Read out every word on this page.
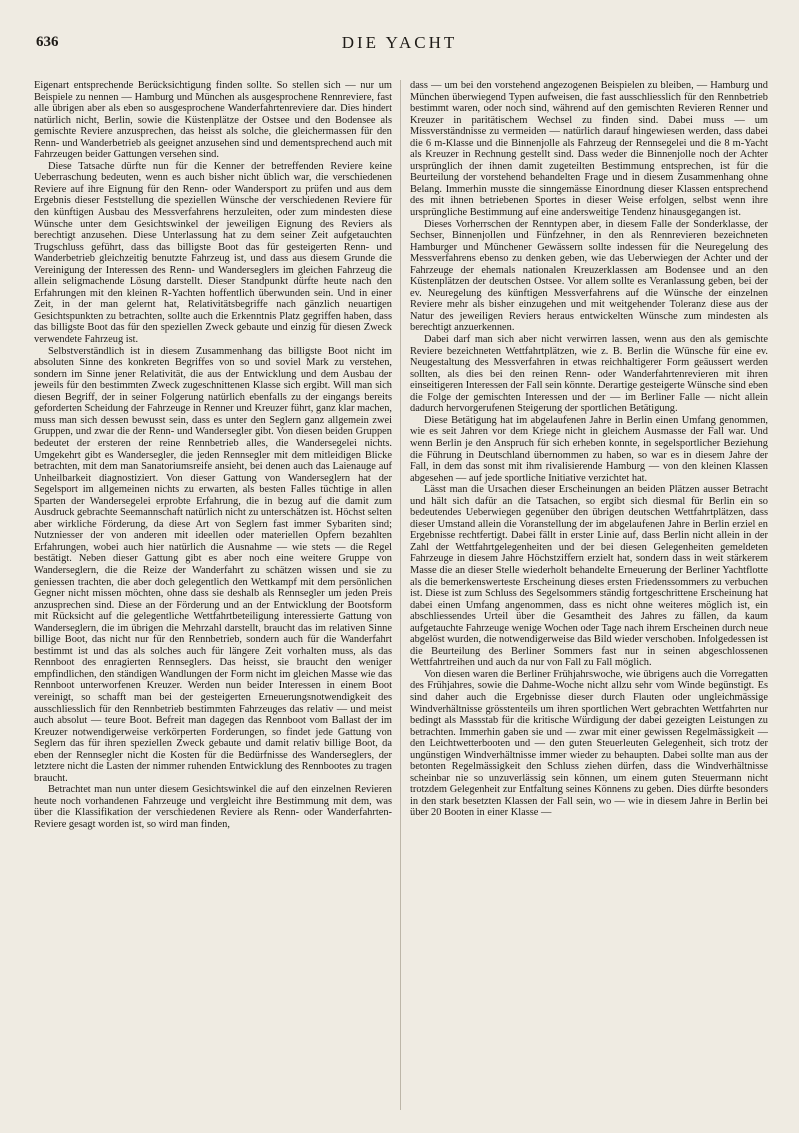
636	DIE YACHT

Eigenart entsprechende Berücksichtigung finden sollte. So stellen sich — nur um Beispiele zu nennen — Hamburg und München als ausgesprochene Rennreviere, fast alle übrigen aber als eben so ausgesprochene Wanderfahrtenreviere dar. Dies hindert natürlich nicht, Berlin, sowie die Küstenplätze der Ostsee und den Bodensee als gemischte Reviere anzusprechen, das heisst als solche, die gleichermassen für den Renn- und Wanderbetrieb als geeignet anzusehen sind und dementsprechend auch mit Fahrzeugen beider Gattungen versehen sind.

Diese Tatsache dürfte nun für die Kenner der betreffenden Reviere keine Ueberraschung bedeuten, wenn es auch bisher nicht üblich war, die verschiedenen Reviere auf ihre Eignung für den Renn- oder Wandersport zu prüfen und aus dem Ergebnis dieser Feststellung die speziellen Wünsche der verschiedenen Reviere für den künftigen Ausbau des Messverfahrens herzuleiten, oder zum mindesten diese Wünsche unter dem Gesichtswinkel der jeweiligen Eignung des Reviers als berechtigt anzusehen. Diese Unterlassung hat zu dem seiner Zeit aufgetauchten Trugschluss geführt, dass das billigste Boot das für gesteigerten Renn- und Wanderbetrieb gleichzeitig benutzte Fahrzeug ist, und dass aus diesem Grunde die Vereinigung der Interessen des Renn- und Wanderseglers im gleichen Fahrzeug die allein seligmachende Lösung darstellt. Dieser Standpunkt dürfte heute nach den Erfahrungen mit den kleinen R-Yachten hoffentlich überwunden sein. Und in einer Zeit, in der man gelernt hat, Relativitätsbegriffe nach gänzlich neuartigen Gesichtspunkten zu betrachten, sollte auch die Erkenntnis Platz gegriffen haben, dass das billigste Boot das für den speziellen Zweck gebaute und einzig für diesen Zweck verwendete Fahrzeug ist.

Selbstverständlich ist in diesem Zusammenhang das billigste Boot nicht im absoluten Sinne des konkreten Begriffes von so und soviel Mark zu verstehen, sondern im Sinne jener Relativität, die aus der Entwicklung und dem Ausbau der jeweils für den bestimmten Zweck zugeschnittenen Klasse sich ergibt. Will man sich diesen Begriff, der in seiner Folgerung natürlich ebenfalls zu der eingangs bereits geforderten Scheidung der Fahrzeuge in Renner und Kreuzer führt, ganz klar machen, muss man sich dessen bewusst sein, dass es unter den Seglern ganz allgemein zwei Gruppen, und zwar die der Renn- und Wandersegler gibt. Von diesen beiden Gruppen bedeutet der ersteren der reine Rennbetrieb alles, die Wandersegelei nichts. Umgekehrt gibt es Wandersegler, die jeden Rennsegler mit dem mitleidigen Blicke betrachten, mit dem man Sanatoriumsreife ansieht, bei denen auch das Laienauge auf Unheilbarkeit diagnostiziert. Von dieser Gattung von Wanderseglern hat der Segelsport im allgemeinen nichts zu erwarten, als besten Falles tüchtige in allen Sparten der Wandersegelei erprobte Erfahrung, die in bezug auf die damit zum Ausdruck gebrachte Seemannschaft natürlich nicht zu unterschätzen ist. Höchst selten aber wirkliche Förderung, da diese Art von Seglern fast immer Sybariten sind; Nutzniesser der von anderen mit ideellen oder materiellen Opfern bezahlten Erfahrungen, wobei auch hier natürlich die Ausnahme — wie stets — die Regel bestätigt. Neben dieser Gattung gibt es aber noch eine weitere Gruppe von Wanderseglern, die die Reize der Wanderfahrt zu schätzen wissen und sie zu geniessen trachten, die aber doch gelegentlich den Wettkampf mit dem persönlichen Gegner nicht missen möchten, ohne dass sie deshalb als Rennsegler um jeden Preis anzusprechen sind. Diese an der Förderung und an der Entwicklung der Bootsform mit Rücksicht auf die gelegentliche Wettfahrtbeteiligung interessierte Gattung von Wanderseglern, die im übrigen die Mehrzahl darstellt, braucht das im relativen Sinne billige Boot, das nicht nur für den Rennbetrieb, sondern auch für die Wanderfahrt bestimmt ist und das als solches auch für längere Zeit vorhalten muss, als das Rennboot des enragierten Rennseglers. Das heisst, sie braucht den weniger empfindlichen, den ständigen Wandlungen der Form nicht im gleichen Masse wie das Rennboot unterworfenen Kreuzer. Werden nun beider Interessen in einem Boot vereinigt, so schafft man bei der gesteigerten Erneuerungsnotwendigkeit des ausschliesslich für den Rennbetrieb bestimmten Fahrzeuges das relativ — und meist auch absolut — teure Boot. Befreit man dagegen das Rennboot vom Ballast der im Kreuzer notwendigerweise verkörperten Forderungen, so findet jede Gattung von Seglern das für ihren speziellen Zweck gebaute und damit relativ billige Boot, da eben der Rennsegler nicht die Kosten für die Bedürfnisse des Wanderseglers, der letztere nicht die Lasten der nimmer ruhenden Entwicklung des Rennbootes zu tragen braucht.

Betrachtet man nun unter diesem Gesichtswinkel die auf den einzelnen Revieren heute noch vorhandenen Fahrzeuge und vergleicht ihre Bestimmung mit dem, was über die Klassifikation der verschiedenen Reviere als Renn- oder Wanderfahrten-Reviere gesagt worden ist, so wird man finden,

dass — um bei den vorstehend angezogenen Beispielen zu bleiben, — Hamburg und München überwiegend Typen aufweisen, die fast ausschliesslich für den Rennbetrieb bestimmt waren, oder noch sind, während auf den gemischten Revieren Renner und Kreuzer in paritätischem Wechsel zu finden sind. Dabei muss — um Missverständnisse zu vermeiden — natürlich darauf hingewiesen werden, dass dabei die 6 m-Klasse und die Binnenjolle als Fahrzeug der Rennsegelei und die 8 m-Yacht als Kreuzer in Rechnung gestellt sind. Dass weder die Binnenjolle noch der Achter ursprünglich der ihnen damit zugeteilten Bestimmung entsprechen, ist für die Beurteilung der vorstehend behandelten Frage und in diesem Zusammenhang ohne Belang. Immerhin musste die sinngemässe Einordnung dieser Klassen entsprechend des mit ihnen betriebenen Sportes in dieser Weise erfolgen, selbst wenn ihre ursprüngliche Bestimmung auf eine andersweitige Tendenz hinausgegangen ist.

Dieses Vorherrschen der Renntypen aber, in diesem Falle der Sonderklasse, der Sechser, Binnenjollen und Fünfzehner, in den als Rennrevieren bezeichneten Hamburger und Münchener Gewässern sollte indessen für die Neuregelung des Messverfahrens ebenso zu denken geben, wie das Ueberwiegen der Achter und der Fahrzeuge der ehemals nationalen Kreuzerklassen am Bodensee und an den Küstenplätzen der deutschen Ostsee. Vor allem sollte es Veranlassung geben, bei der ev. Neuregelung des künftigen Messverfahrens auf die Wünsche der einzelnen Reviere mehr als bisher einzugehen und mit weitgehender Toleranz diese aus der Natur des jeweiligen Reviers heraus entwickelten Wünsche zum mindesten als berechtigt anzuerkennen.

Dabei darf man sich aber nicht verwirren lassen, wenn aus den als gemischte Reviere bezeichneten Wettfahrtplätzen, wie z. B. Berlin die Wünsche für eine ev. Neugestaltung des Messverfahren in etwas reichhaltigerer Form geäussert werden sollten, als dies bei den reinen Renn- oder Wanderfahrtenrevieren mit ihren einseitigeren Interessen der Fall sein könnte. Derartige gesteigerte Wünsche sind eben die Folge der gemischten Interessen und der — im Berliner Falle — nicht allein dadurch hervorgerufenen Steigerung der sportlichen Betätigung.

Diese Betätigung hat im abgelaufenen Jahre in Berlin einen Umfang genommen, wie es seit Jahren vor dem Kriege nicht in gleichem Ausmasse der Fall war. Und wenn Berlin je den Anspruch für sich erheben konnte, in segelsportlicher Beziehung die Führung in Deutschland übernommen zu haben, so war es in diesem Jahre der Fall, in dem das sonst mit ihm rivalisierende Hamburg — von den kleinen Klassen abgesehen — auf jede sportliche Initiative verzichtet hat.

Lässt man die Ursachen dieser Erscheinungen an beiden Plätzen ausser Betracht und hält sich dafür an die Tatsachen, so ergibt sich diesmal für Berlin ein so bedeutendes Ueberwiegen gegenüber den übrigen deutschen Wettfahrtplätzen, dass dieser Umstand allein die Voranstellung der im abgelaufenen Jahre in Berlin erziel en Ergebnisse rechtfertigt. Dabei fällt in erster Linie auf, dass Berlin nicht allein in der Zahl der Wettfahrtgelegenheiten und der bei diesen Gelegenheiten gemeldeten Fahrzeuge in diesem Jahre Höchstziffern erzielt hat, sondern dass in weit stärkerem Masse die an dieser Stelle wiederholt behandelte Erneuerung der Berliner Yachtflotte als die bemerkenswerteste Erscheinung dieses ersten Friedenssommers zu verbuchen ist. Diese ist zum Schluss des Segelsommers ständig fortgeschrittene Erscheinung hat dabei einen Umfang angenommen, dass es nicht ohne weiteres möglich ist, ein abschliessendes Urteil über die Gesamtheit des Jahres zu fällen, da kaum aufgetauchte Fahrzeuge wenige Wochen oder Tage nach ihrem Erscheinen durch neue abgelöst wurden, die notwendigerweise das Bild wieder verschoben. Infolgedessen ist die Beurteilung des Berliner Sommers fast nur in seinen abgeschlossenen Wettfahrtreihen und auch da nur von Fall zu Fall möglich.

Von diesen waren die Berliner Frühjahrswoche, wie übrigens auch die Vorregatten des Frühjahres, sowie die Dahme-Woche nicht allzu sehr vom Winde begünstigt. Es sind daher auch die Ergebnisse dieser durch Flauten oder ungleichmässige Windverhältnisse grösstenteils um ihren sportlichen Wert gebrachten Wettfahrten nur bedingt als Massstab für die kritische Würdigung der dabei gezeigten Leistungen zu betrachten. Immerhin gaben sie und — zwar mit einer gewissen Regelmässigkeit — den Leichtwetterbooten und — den guten Steuerleuten Gelegenheit, sich trotz der ungünstigen Windverhältnisse immer wieder zu behaupten. Dabei sollte man aus der betonten Regelmässigkeit den Schluss ziehen dürfen, dass die Windverhältnisse scheinbar nie so unzuverlässig sein können, um einem guten Steuermann nicht trotzdem Gelegenheit zur Entfaltung seines Könnens zu geben. Dies dürfte besonders in den stark besetzten Klassen der Fall sein, wo — wie in diesem Jahre in Berlin bei über 20 Booten in einer Klasse —
